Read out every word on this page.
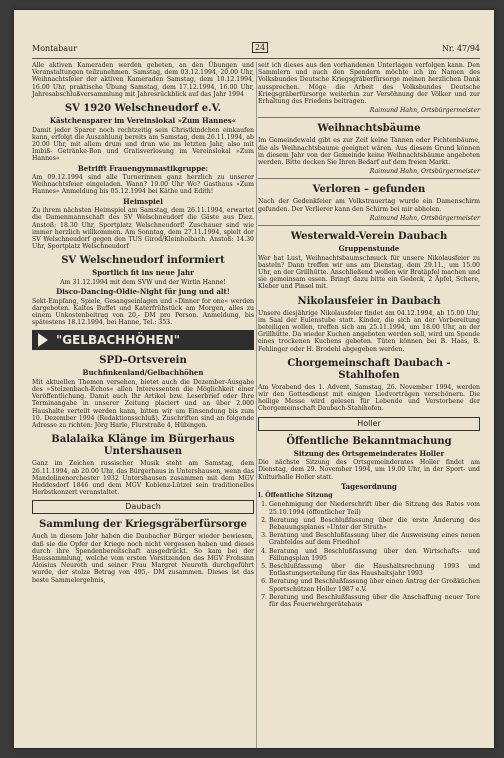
Montabaur	24	Nr. 47/94

Alle aktiven Kameraden werden gebeten, an den Übungen und Veranstaltungen teilzunehmen. Samstag, dem 03.12.1994, 20.00 Uhr, Weihnachtsfeier der aktiven Kameraden Samstag, dem 10.12.1994, 16.00 Uhr, praktische Übung Samstag, dem 17.12.1994, 16.00 Uhr, Jahresabschlußversammlung mit Jahresrückblick auf das Jahr 1994

SV 1920 Welschneudorf e.V.
Kästchensparer im Vereinslokal »Zum Hannes«

Damit jeder Sparer noch rechtzeitig sein Christkindchen einkaufen kann, erfolgt die Auszahlung bereits am Samstag, dem 26.11.1994, ab 20.00 Uhr, mit allem drum und dran wie im letzten Jahr, also mit Imbiß- Getränke-Bon und Gratisverlosung im Vereinslokal »Zum Hannes«

Betrifft Frauengymnastikgruppe:

Am 09.12.1994 sind alle Turnerinnen ganz herzlich zu unserer Weihnachtsfeier eingeladen. Wann? 19.00 Uhr Wo? Gasthaus »Zum Hannes« Anmeldung bis 05.12.1994 bei Käthe und Edith!

Heimspiel

Zu ihrem nächsten Heimspiel am Samstag, dem 26.11.1994, erwartet die Damenmannschaft des SV Welschneudorf die Gäste aus Diez. Anstoß: 18.30 Uhr, Sportplatz Welschneudorf! Zuschauer sind wie immer herzlich willkommen. Am Sonntag, dem 27.11.1994, spielt der SV Welschneudorf gegen den TUS Girod/Kleinholbach. Anstoß: 14.30 Uhr, Sportplatz Welschneudorf

SV Welschneudorf informiert
Sportlich fit ins neue Jahr

Am 31.12.1994 mit dem SVW und der Wirtin Hanne!

Disco-Dancing-Oldie-Night für jung und alt!

Sekt-Empfang, Spiele, Gesangseinlagen und »Dinner for one« werden dargeboten. Kaltes Buffet und Katerfrühstück am Morgen, alles zu einem Unkostenbeitrag von 20,- DM pro Person. Anmeldung, bis spätestens 18.12.1994, bei Hanne, Tel.: 353.

"GELBACHHÖHEN"
SPD–Ortsverein
Buchfinkenland/Gelbachhöhen

Mit aktuellen Themen versehen, bietet auch die Dezember-Ausgabe des »Stelzenbach-Echos« allen Interessenten die Möglichkeit einer Veröffentlichung. Damit auch Ihr Artikel bzw. Leserbrief oder Ihre Terminangabe in unserer Zeitung placiert und an über 2.000 Haushalte verteilt werden kann, bitten wir um Einsendung bis zum 10. Dezember 1994 (Redaktionsschluß). Zuschriften sind an folgende Adresse zu richten: Jörg Harle, Flurstraße 4, Hübingen.

Balalaika Klänge im Bürgerhaus Untershausen

Ganz im Zeichen russischer Musik steht am Samstag, dem 26.11.1994, ab 20.00 Uhr, das Bürgerhaus in Untershausen, wenn das Mandolinenorchester 1932 Untershausen zusammen mit dem MGV Heddesdorf 1846 und dem MGV Koblenz-Lützel sein traditionelles Herbstkonzert veranstaltet.

Daubach
Sammlung der Kriegsgräberfürsorge

Auch in diesem Jahr haben die Daubacher Bürger wieder bewiesen, daß sie die Opfer der Kriege noch nicht vergessen haben und dieses durch ihre Spendenbereitschaft ausgedrückt. So kam bei der Haussammlung, welche vom ersten Vorsitzenden des MGV Frohsinn Aloisius Neuroth und seiner Frau Margret Neuroth durchgeführt wurde, der stolze Betrag von 495,- DM zusammen. Dieses ist das beste Sammelergebnis,

seit ich dieses aus den vorhandenen Unterlagen verfolgen kann. Den Sammlern und auch den Spendern möchte ich im Namen des Volksbundes Deutsche Kriegsgräberfürsorge meinen herzlichen Dank aussprechen. Möge die Arbeit des Volksbundes Deutsche Kriegsgräberfürsorge weiterhin zur Versöhnung der Völker und zur Erhaltung des Friedens beitragen.

Raimund Hahn, Ortsbürgermeister

Weihnachtsbäume

Im Gemeindewald gibt es zur Zeit keine Tannen oder Fichtenbäume, die als Weihnachtsbaume geeignet wären. Aus diesem Grund können in diesem Jahr von der Gemeinde keine Weihnachtsbäume angeboten werden. Bitte decken Sie Ihren Bedarf auf dem freien Markt.

Raimund Hahn, Ortsbürgermeister

Verloren – gefunden

Nach der Gedenkfeier am Volkstrauertag wurde ein Damenschirm gefunden. Der Verlierer kann den Schirm bei mir abholen.

Raimund Hahn, Ortsbürgermeister

Westerwald-Verein Daubach
Gruppenstunde

Wer hat Lust, Weihnachtsbaumschmuck für unsere Nikolausfeier zu basteln? Dann treffen wir uns am Dienstag, dem 29.11., um 15.00 Uhr, an der Grillhütte. Anschließend wollen wir Bratäpfel machen und sie gemeinsam essen. Bringt dazu bitte ein Gedeck, 2 Äpfel, Schere, Kleber und Pinsel mit.

Nikolausfeier in Daubach

Unsere diesjährige Nikolausfeier findet am 04.12.1994, ab 15.00 Uhr, im Saal der Eulenstube statt. Kinder, die sich an der Vorbereitung beteiligen wollen, treffen sich am 25.11.1994, um 18.00 Uhr, an der Grillhütte. Da wieder Kuchen angeboten werden soll, wird um Spende eines trockenen Kuchens gebeten. Tüten können bei B. Haas, B. Fehlinger oder H. Brodehl abgegeben werden.

Chorgemeinschaft Daubach - Stahlhofen

Am Vorabend des 1. Advent, Samstag, 26. November 1994, werden wir den Gottesdienst mit einigen Liedvorträgen verschönern. Die heilige Messe wird gelesen für Lebende und Verstorbene der Chorgemeinschaft Daubach-Stahlhofen.

Holler
Öffentliche Bekanntmachung
Sitzung des Ortsgemeinderates Holler

Die nächste Sitzung des Ortsgemeinderates Holler findet am Dienstag, dem 29. November 1994, um 19.00 Uhr, in der Sport- und Kulturhalle Holler statt.

Tagesordnung

I. Öffentliche Sitzung

1. Genehmigung der Niederschrift über die Sitzung des Rates vom 25.10.1994 (öffentlicher Teil)
2. Beratung und Beschlußfassung über die erste Änderung des Bebauungsplanes »Unter der Struth«
3. Beratung und Beschlußfassung über die Ausweisung eines neuen Grabfeldes auf dem Friedhof
4. Beratung und Beschlußfassung über den Wirtschafts- und Fällungsplan 1995
5. Beschlußfassung über die Haushaltsrechnung 1993 und Entlastungserteilung für das Haushaltsjahr 1993
6. Beratung und Beschlußfassung über einen Antrag der Großküchen Sportschützen Holler 1987 e.V.
7. Beratung und Beschlußfassung über die Anschaffung neuer Tore für das Feuerwehrgerätehaus
